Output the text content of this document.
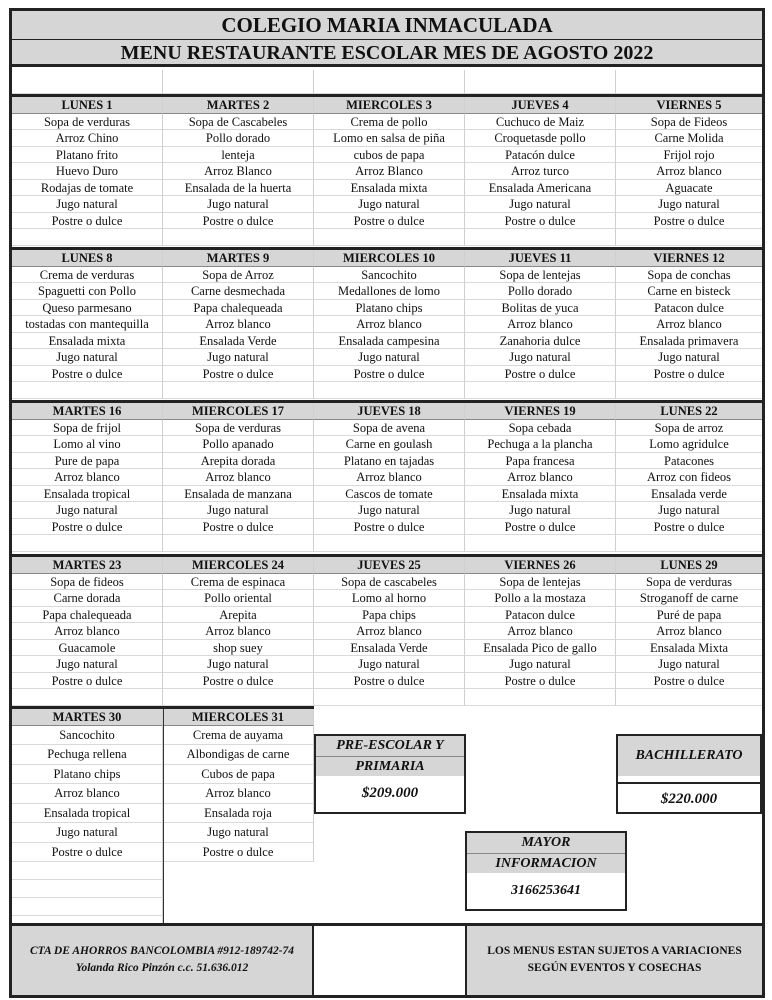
COLEGIO MARIA INMACULADA
MENU RESTAURANTE ESCOLAR MES DE AGOSTO 2022
LUNES 1	MARTES 2	MIERCOLES 3	JUEVES 4	VIERNES 5
Sopa de verduras	Sopa de Cascabeles	Crema de pollo	Cuchuco de Maiz	Sopa de Fideos
Arroz Chino	Pollo dorado	Lomo en salsa de piña	Croquetasde pollo	Carne Molida
Platano frito	lenteja	cubos de papa	Patacón dulce	Frijol rojo
Huevo Duro	Arroz Blanco	Arroz Blanco	Arroz turco	Arroz blanco
Rodajas de tomate	Ensalada de la huerta	Ensalada mixta	Ensalada Americana	Aguacate
Jugo natural	Jugo natural	Jugo natural	Jugo natural	Jugo natural
Postre o dulce	Postre o dulce	Postre o dulce	Postre o dulce	Postre o dulce
LUNES 8	MARTES 9	MIERCOLES 10	JUEVES 11	VIERNES 12
Crema de verduras	Sopa de Arroz	Sancochito	Sopa de lentejas	Sopa de conchas
Spaguetti con Pollo	Carne desmechada	Medallones de lomo	Pollo dorado	Carne en bisteck
Queso parmesano	Papa chalequeada	Platano chips	Bolitas de yuca	Patacon dulce
tostadas con mantequilla	Arroz blanco	Arroz blanco	Arroz blanco	Arroz blanco
Ensalada mixta	Ensalada Verde	Ensalada campesina	Zanahoria dulce	Ensalada primavera
Jugo natural	Jugo natural	Jugo natural	Jugo natural	Jugo natural
Postre o dulce	Postre o dulce	Postre o dulce	Postre o dulce	Postre o dulce
MARTES 16	MIERCOLES 17	JUEVES 18	VIERNES 19	LUNES 22
Sopa de frijol	Sopa de verduras	Sopa de avena	Sopa cebada	Sopa de arroz
Lomo al vino	Pollo apanado	Carne en goulash	Pechuga a la plancha	Lomo agridulce
Pure de papa	Arepita dorada	Platano en tajadas	Papa francesa	Patacones
Arroz blanco	Arroz blanco	Arroz blanco	Arroz blanco	Arroz con fideos
Ensalada tropical	Ensalada de manzana	Cascos de tomate	Ensalada mixta	Ensalada verde
Jugo natural	Jugo natural	Jugo natural	Jugo natural	Jugo natural
Postre o dulce	Postre o dulce	Postre o dulce	Postre o dulce	Postre o dulce
MARTES 23	MIERCOLES 24	JUEVES 25	VIERNES 26	LUNES 29
Sopa de fideos	Crema de espinaca	Sopa de cascabeles	Sopa de lentejas	Sopa de verduras
Carne dorada	Pollo oriental	Lomo al horno	Pollo a la mostaza	Stroganoff de carne
Papa chalequeada	Arepita	Papa chips	Patacon dulce	Puré de papa
Arroz blanco	Arroz blanco	Arroz blanco	Arroz blanco	Arroz blanco
Guacamole	shop suey	Ensalada Verde	Ensalada Pico de gallo	Ensalada Mixta
Jugo natural	Jugo natural	Jugo natural	Jugo natural	Jugo natural
Postre o dulce	Postre o dulce	Postre o dulce	Postre o dulce	Postre o dulce
MARTES 30	MIERCOLES 31
Sancochito	Crema de auyama
Pechuga rellena	Albondigas de carne
Platano chips	Cubos de papa
Arroz blanco	Arroz blanco
Ensalada tropical	Ensalada roja
Jugo natural	Jugo natural
Postre o dulce	Postre o dulce
PRE-ESCOLAR Y
PRIMARIA
$209.000
BACHILLERATO
$220.000
MAYOR
INFORMACION
3166253641
CTA DE AHORROS BANCOLOMBIA #912-189742-74
Yolanda Rico Pinzón c.c. 51.636.012
LOS MENUS ESTAN SUJETOS A VARIACIONES
SEGÚN EVENTOS Y COSECHAS
